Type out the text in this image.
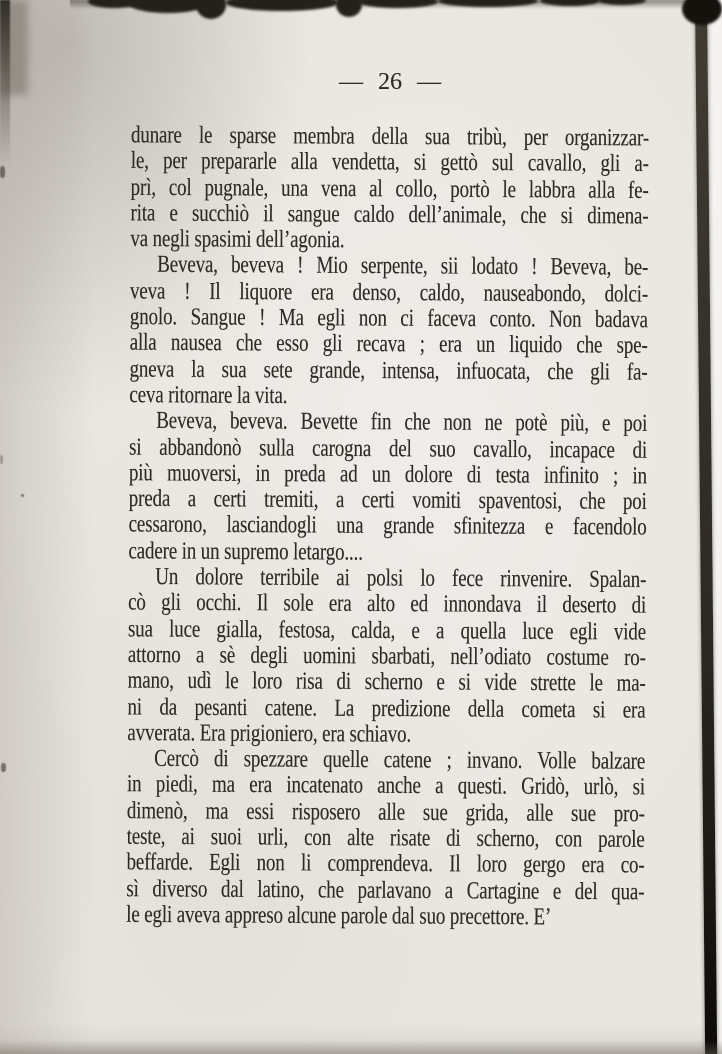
— 26 —
dunare le sparse membra della sua tribù, per organizzar-
le, per prepararle alla vendetta, si gettò sul cavallo, gli a-
prì, col pugnale, una vena al collo, portò le labbra alla fe-
rita e succhiò il sangue caldo dell’animale, che si dimena-
va negli spasimi dell’agonia.
Beveva, beveva ! Mio serpente, sii lodato ! Beveva, be-
veva ! Il liquore era denso, caldo, nauseabondo, dolci-
gnolo. Sangue ! Ma egli non ci faceva conto. Non badava
alla nausea che esso gli recava ; era un liquido che spe-
gneva la sua sete grande, intensa, infuocata, che gli fa-
ceva ritornare la vita.
Beveva, beveva. Bevette fin che non ne potè più, e poi
si abbandonò sulla carogna del suo cavallo, incapace di
più muoversi, in preda ad un dolore di testa infinito ; in
preda a certi tremiti, a certi vomiti spaventosi, che poi
cessarono, lasciandogli una grande sfinitezza e facendolo
cadere in un supremo letargo....
Un dolore terribile ai polsi lo fece rinvenire. Spalan-
cò gli occhi. Il sole era alto ed innondava il deserto di
sua luce gialla, festosa, calda, e a quella luce egli vide
attorno a sè degli uomini sbarbati, nell’odiato costume ro-
mano, udì le loro risa di scherno e si vide strette le ma-
ni da pesanti catene. La predizione della cometa si era
avverata. Era prigioniero, era schiavo.
Cercò di spezzare quelle catene ; invano. Volle balzare
in piedi, ma era incatenato anche a questi. Gridò, urlò, si
dimenò, ma essi risposero alle sue grida, alle sue pro-
teste, ai suoi urli, con alte risate di scherno, con parole
beffarde. Egli non li comprendeva. Il loro gergo era co-
sì diverso dal latino, che parlavano a Cartagine e del qua-
le egli aveva appreso alcune parole dal suo precettore. E’
